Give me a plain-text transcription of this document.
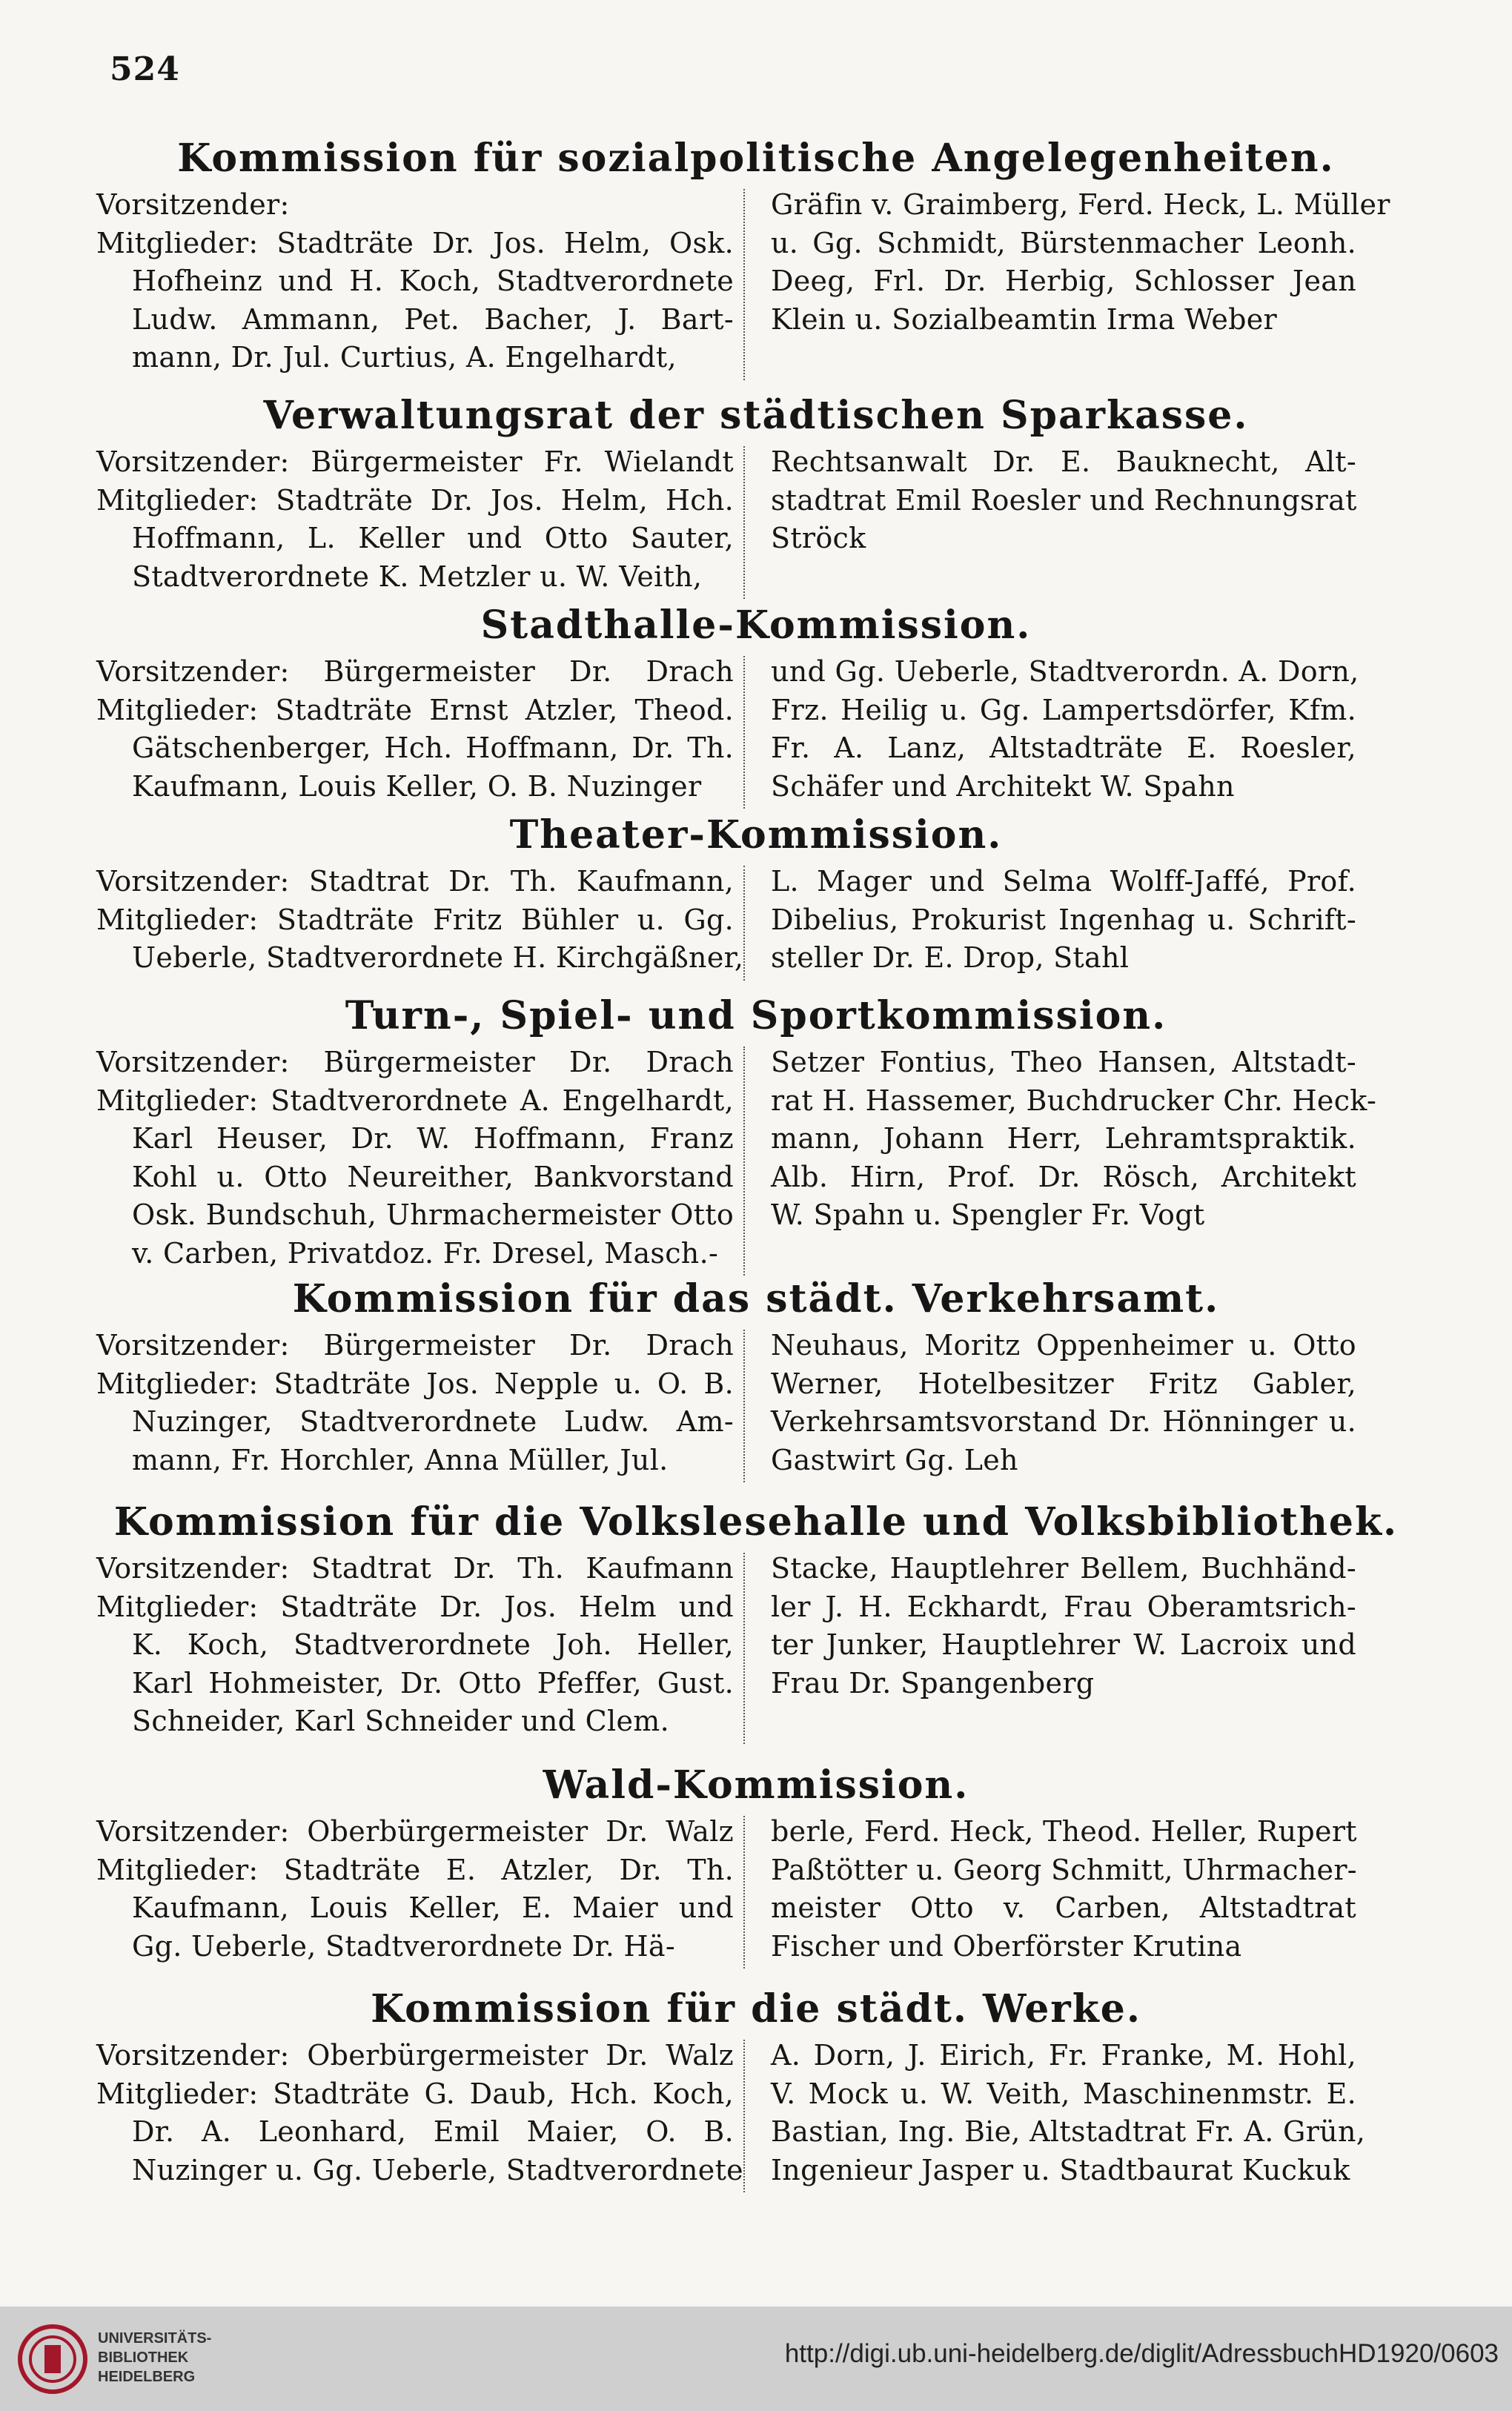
524
Kommission für sozialpolitische Angelegenheiten.
Vorsitzender:
Mitglieder: Stadträte Dr. Jos. Helm, Osk.
Hofheinz und H. Koch, Stadtverordnete
Ludw. Ammann, Pet. Bacher, J. Bart-
mann, Dr. Jul. Curtius, A. Engelhardt,
Gräfin v. Graimberg, Ferd. Heck, L. Müller
u. Gg. Schmidt, Bürstenmacher Leonh.
Deeg, Frl. Dr. Herbig, Schlosser Jean
Klein u. Sozialbeamtin Irma Weber
Verwaltungsrat der städtischen Sparkasse.
Vorsitzender: Bürgermeister Fr. Wielandt
Mitglieder: Stadträte Dr. Jos. Helm, Hch.
Hoffmann, L. Keller und Otto Sauter,
Stadtverordnete K. Metzler u. W. Veith,
Rechtsanwalt Dr. E. Bauknecht, Alt-
stadtrat Emil Roesler und Rechnungsrat
Ströck
Stadthalle-Kommission.
Vorsitzender: Bürgermeister Dr. Drach
Mitglieder: Stadträte Ernst Atzler, Theod.
Gätschenberger, Hch. Hoffmann, Dr. Th.
Kaufmann, Louis Keller, O. B. Nuzinger
und Gg. Ueberle, Stadtverordn. A. Dorn,
Frz. Heilig u. Gg. Lampertsdörfer, Kfm.
Fr. A. Lanz, Altstadträte E. Roesler,
Schäfer und Architekt W. Spahn
Theater-Kommission.
Vorsitzender: Stadtrat Dr. Th. Kaufmann,
Mitglieder: Stadträte Fritz Bühler u. Gg.
Ueberle, Stadtverordnete H. Kirchgäßner,
L. Mager und Selma Wolff-Jaffé, Prof.
Dibelius, Prokurist Ingenhag u. Schrift-
steller Dr. E. Drop, Stahl
Turn-, Spiel- und Sportkommission.
Vorsitzender: Bürgermeister Dr. Drach
Mitglieder: Stadtverordnete A. Engelhardt,
Karl Heuser, Dr. W. Hoffmann, Franz
Kohl u. Otto Neureither, Bankvorstand
Osk. Bundschuh, Uhrmachermeister Otto
v. Carben, Privatdoz. Fr. Dresel, Masch.-
Setzer Fontius, Theo Hansen, Altstadt-
rat H. Hassemer, Buchdrucker Chr. Heck-
mann, Johann Herr, Lehramtspraktik.
Alb. Hirn, Prof. Dr. Rösch, Architekt
W. Spahn u. Spengler Fr. Vogt
Kommission für das städt. Verkehrsamt.
Vorsitzender: Bürgermeister Dr. Drach
Mitglieder: Stadträte Jos. Nepple u. O. B.
Nuzinger, Stadtverordnete Ludw. Am-
mann, Fr. Horchler, Anna Müller, Jul.
Neuhaus, Moritz Oppenheimer u. Otto
Werner, Hotelbesitzer Fritz Gabler,
Verkehrsamtsvorstand Dr. Hönninger u.
Gastwirt Gg. Leh
Kommission für die Volkslesehalle und Volksbibliothek.
Vorsitzender: Stadtrat Dr. Th. Kaufmann
Mitglieder: Stadträte Dr. Jos. Helm und
K. Koch, Stadtverordnete Joh. Heller,
Karl Hohmeister, Dr. Otto Pfeffer, Gust.
Schneider, Karl Schneider und Clem.
Stacke, Hauptlehrer Bellem, Buchhänd-
ler J. H. Eckhardt, Frau Oberamtsrich-
ter Junker, Hauptlehrer W. Lacroix und
Frau Dr. Spangenberg
Wald-Kommission.
Vorsitzender: Oberbürgermeister Dr. Walz
Mitglieder: Stadträte E. Atzler, Dr. Th.
Kaufmann, Louis Keller, E. Maier und
Gg. Ueberle, Stadtverordnete Dr. Hä-
berle, Ferd. Heck, Theod. Heller, Rupert
Paßtötter u. Georg Schmitt, Uhrmacher-
meister Otto v. Carben, Altstadtrat
Fischer und Oberförster Krutina
Kommission für die städt. Werke.
Vorsitzender: Oberbürgermeister Dr. Walz
Mitglieder: Stadträte G. Daub, Hch. Koch,
Dr. A. Leonhard, Emil Maier, O. B.
Nuzinger u. Gg. Ueberle, Stadtverordnete
A. Dorn, J. Eirich, Fr. Franke, M. Hohl,
V. Mock u. W. Veith, Maschinenmstr. E.
Bastian, Ing. Bie, Altstadtrat Fr. A. Grün,
Ingenieur Jasper u. Stadtbaurat Kuckuk
UNIVERSITÄTS-
BIBLIOTHEK
HEIDELBERG
http://digi.ub.uni-heidelberg.de/diglit/AdressbuchHD1920/0603
